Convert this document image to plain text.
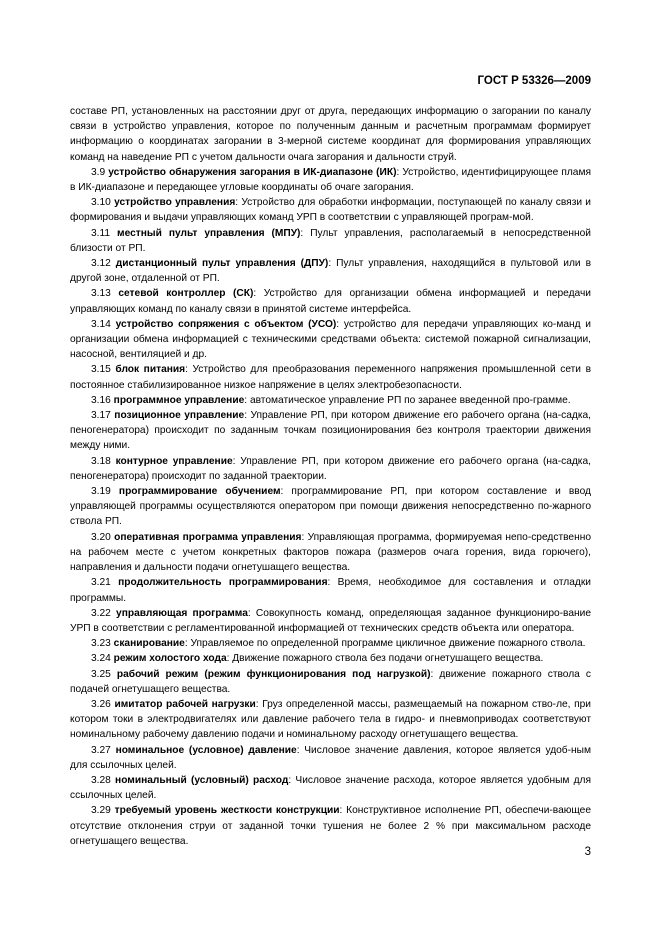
ГОСТ Р 53326—2009

составе РП, установленных на расстоянии друг от друга, передающих информацию о загорании по каналу связи в устройство управления, которое по полученным данным и расчетным программам формирует информацию о координатах загорании в 3-мерной системе координат для формирования управляющих команд на наведение РП с учетом дальности очага загорания и дальности струй.

3.9 устройство обнаружения загорания в ИК-диапазоне (ИК): Устройство, идентифицирующее пламя в ИК-диапазоне и передающее угловые координаты об очаге загорания.

3.10 устройство управления: Устройство для обработки информации, поступающей по каналу связи и формирования и выдачи управляющих команд УРП в соответствии с управляющей програм-мой.

3.11 местный пульт управления (МПУ): Пульт управления, располагаемый в непосредственной близости от РП.

3.12 дистанционный пульт управления (ДПУ): Пульт управления, находящийся в пультовой или в другой зоне, отдаленной от РП.

3.13 сетевой контроллер (СК): Устройство для организации обмена информацией и передачи управляющих команд по каналу связи в принятой системе интерфейса.

3.14 устройство сопряжения с объектом (УСО): устройство для передачи управляющих ко-манд и организации обмена информацией с техническими средствами объекта: системой пожарной сигнализации, насосной, вентиляцией и др.

3.15 блок питания: Устройство для преобразования переменного напряжения промышленной сети в постоянное стабилизированное низкое напряжение в целях электробезопасности.

3.16 программное управление: автоматическое управление РП по заранее введенной про-грамме.

3.17 позиционное управление: Управление РП, при котором движение его рабочего органа (на-садка, пеногенератора) происходит по заданным точкам позиционирования без контроля траектории движения между ними.

3.18 контурное управление: Управление РП, при котором движение его рабочего органа (на-садка, пеногенератора) происходит по заданной траектории.

3.19 программирование обучением: программирование РП, при котором составление и ввод управляющей программы осуществляются оператором при помощи движения непосредственно по-жарного ствола РП.

3.20 оперативная программа управления: Управляющая программа, формируемая непо-средственно на рабочем месте с учетом конкретных факторов пожара (размеров очага горения, вида горючего), направления и дальности подачи огнетушащего вещества.

3.21 продолжительность программирования: Время, необходимое для составления и отладки программы.

3.22 управляющая программа: Совокупность команд, определяющая заданное функциониро-вание УРП в соответствии с регламентированной информацией от технических средств объекта или оператора.

3.23 сканирование: Управляемое по определенной программе цикличное движение пожарного ствола.

3.24 режим холостого хода: Движение пожарного ствола без подачи огнетушащего вещества.

3.25 рабочий режим (режим функционирования под нагрузкой): движение пожарного ствола с подачей огнетушащего вещества.

3.26 имитатор рабочей нагрузки: Груз определенной массы, размещаемый на пожарном ство-ле, при котором токи в электродвигателях или давление рабочего тела в гидро- и пневмоприводах соответствуют номинальному рабочему давлению подачи и номинальному расходу огнетушащего вещества.

3.27 номинальное (условное) давление: Числовое значение давления, которое является удоб-ным для ссылочных целей.

3.28 номинальный (условный) расход: Числовое значение расхода, которое является удобным для ссылочных целей.

3.29 требуемый уровень жесткости конструкции: Конструктивное исполнение РП, обеспечи-вающее отсутствие отклонения струи от заданной точки тушения не более 2 % при максимальном расходе огнетушащего вещества.

3
